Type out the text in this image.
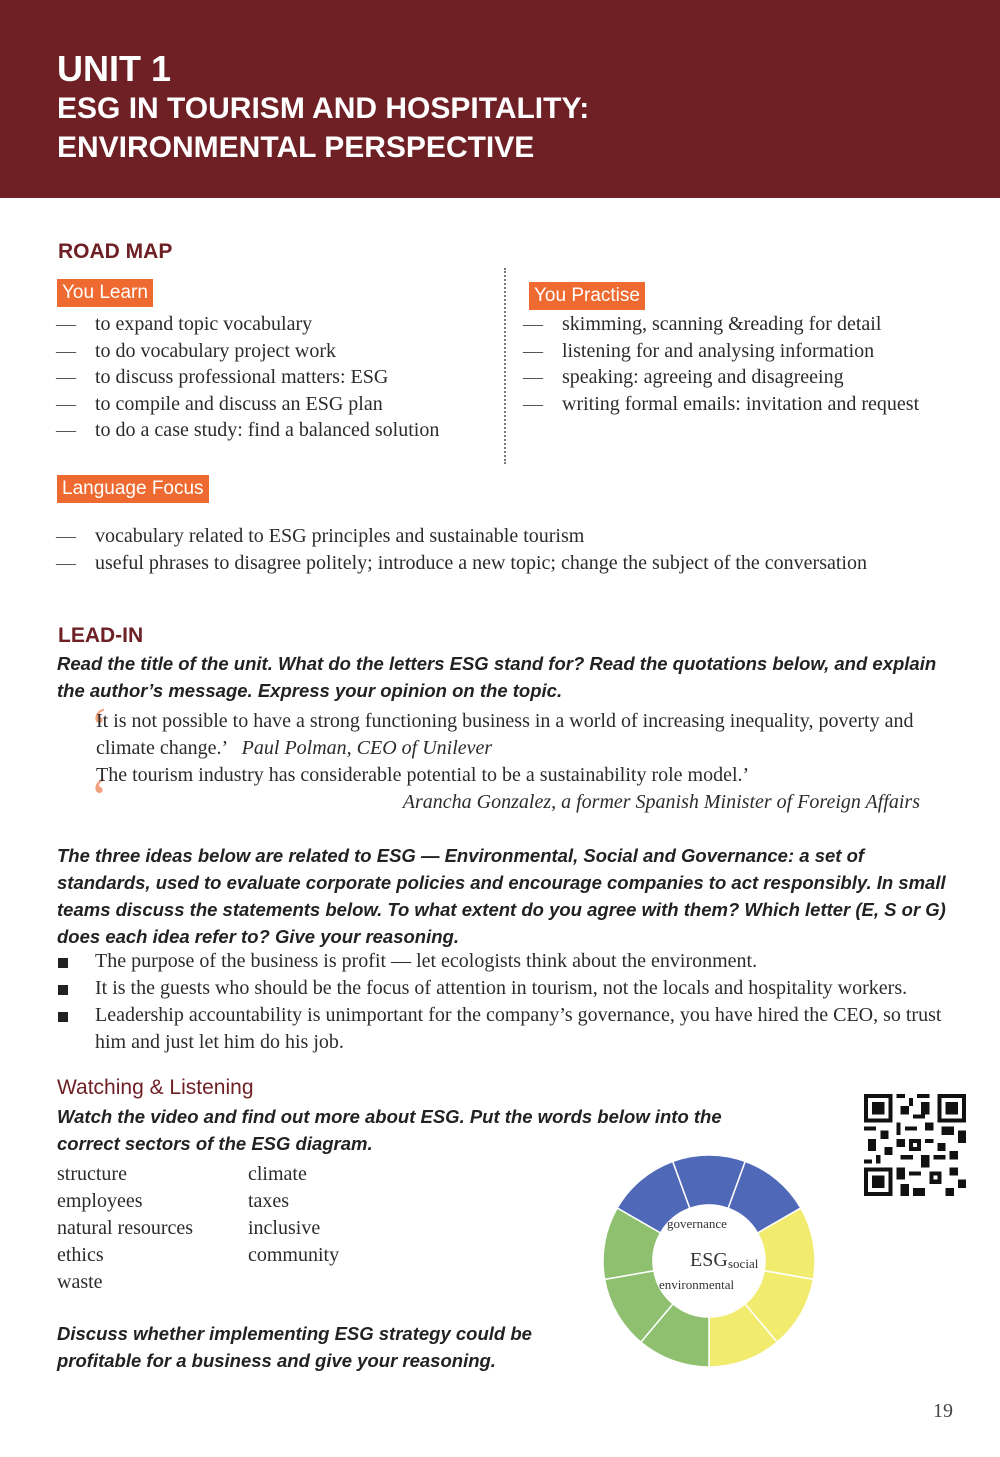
UNIT 1
ESG IN TOURISM AND HOSPITALITY:
ENVIRONMENTAL PERSPECTIVE
ROAD MAP
You Learn
— to expand topic vocabulary
— to do vocabulary project work
— to discuss professional matters: ESG
— to compile and discuss an ESG plan
— to do a case study: find a balanced solution
You Practise
— skimming, scanning &reading for detail
— listening for and analysing information
— speaking: agreeing and disagreeing
— writing formal emails: invitation and request
Language Focus
— vocabulary related to ESG principles and sustainable tourism
— useful phrases to disagree politely; introduce a new topic; change the subject of the conversation
LEAD-IN
Read the title of the unit. What do the letters ESG stand for? Read the quotations below, and explain the author’s message. Express your opinion on the topic.
‘
‘
It is not possible to have a strong functioning business in a world of increasing inequality, poverty and climate change.’ Paul Polman, CEO of Unilever
The tourism industry has considerable potential to be a sustainability role model.’
Arancha Gonzalez, a former Spanish Minister of Foreign Affairs
The three ideas below are related to ESG — Environmental, Social and Governance: a set of standards, used to evaluate corporate policies and encourage companies to act responsibly. In small teams discuss the statements below. To what extent do you agree with them? Which letter (E, S or G) does each idea refer to? Give your reasoning.
The purpose of the business is profit — let ecologists think about the environment.
It is the guests who should be the focus of attention in tourism, not the locals and hospitality workers.
Leadership accountability is unimportant for the company’s governance, you have hired the CEO, so trust him and just let him do his job.
Watching & Listening
Watch the video and find out more about ESG. Put the words below into the correct sectors of the ESG diagram.
structure
employees
natural resources
ethics
waste
climate
taxes
inclusive
community
Discuss whether implementing ESG strategy could be profitable for a business and give your reasoning.
governance
ESG social
environmental
19
